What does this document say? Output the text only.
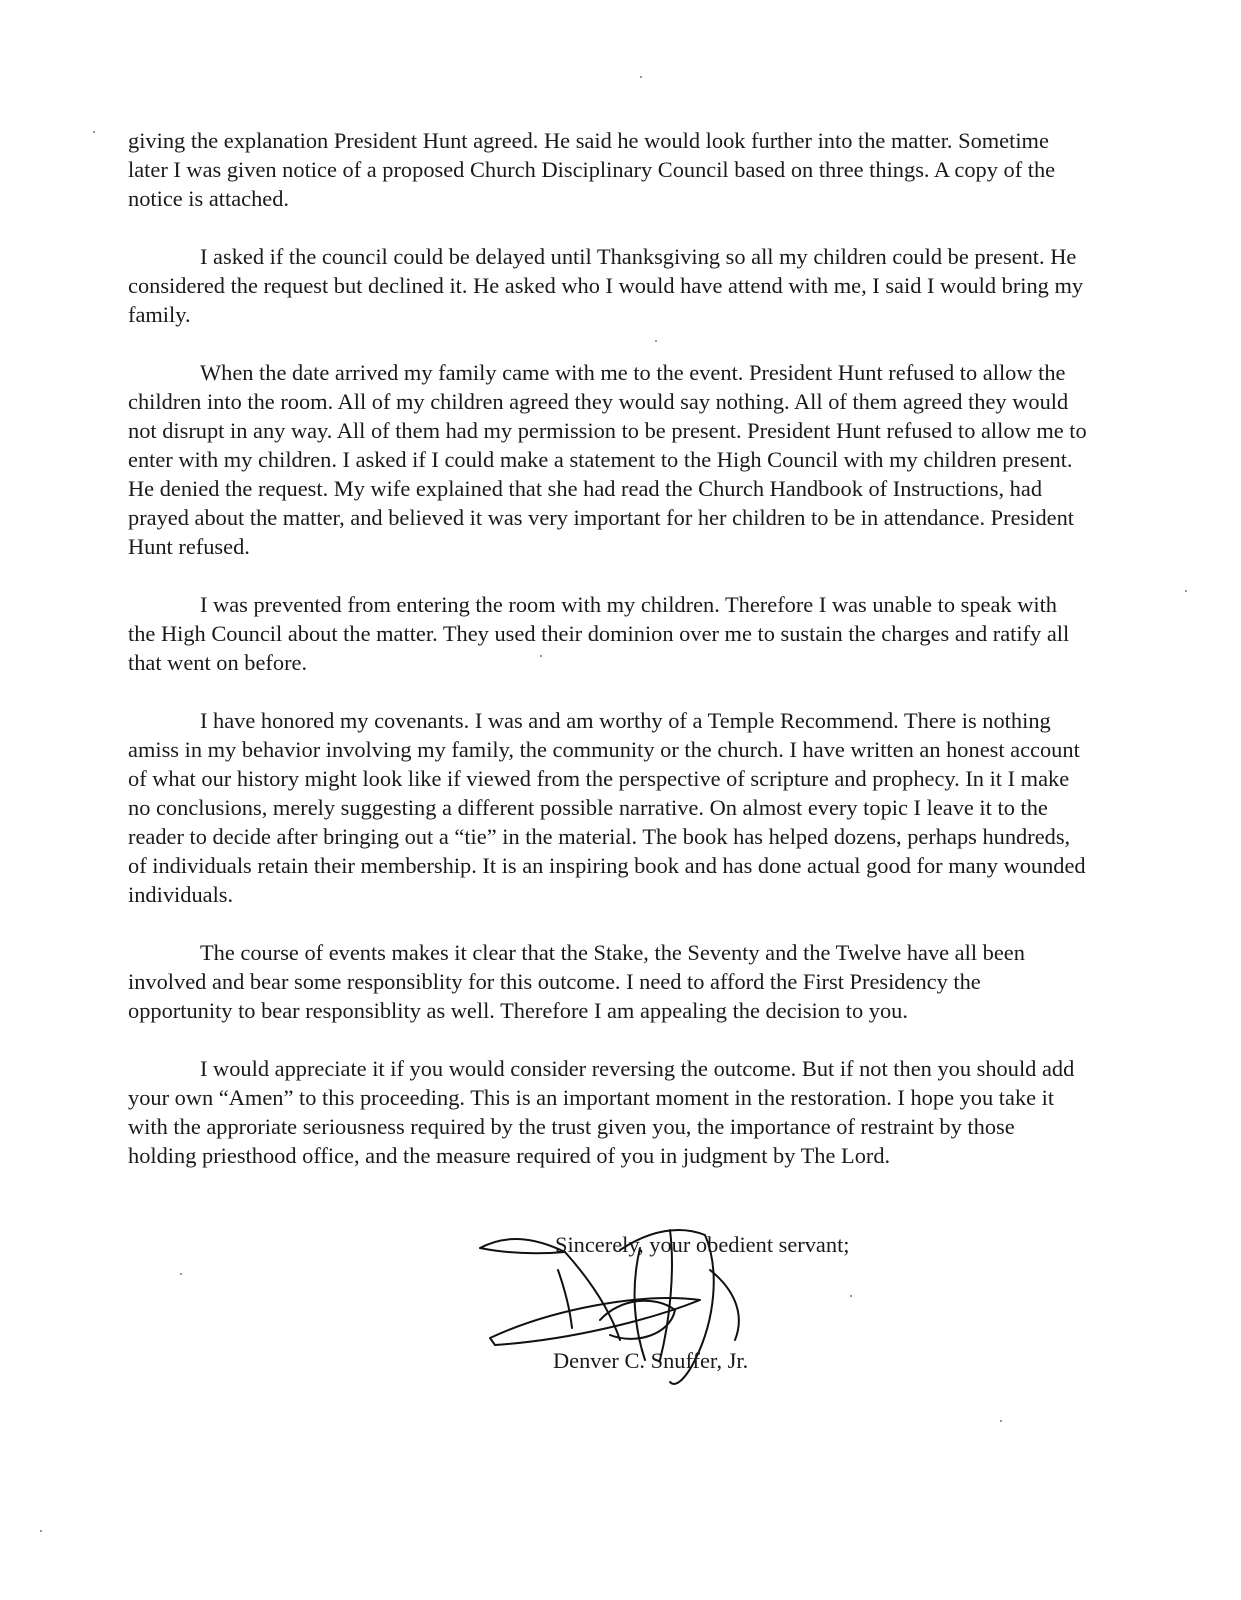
giving the explanation President Hunt agreed. He said he would look further into the matter. Sometime later I was given notice of a proposed Church Disciplinary Council based on three things. A copy of the notice is attached.

I asked if the council could be delayed until Thanksgiving so all my children could be present. He considered the request but declined it. He asked who I would have attend with me, I said I would bring my family.

When the date arrived my family came with me to the event. President Hunt refused to allow the children into the room. All of my children agreed they would say nothing. All of them agreed they would not disrupt in any way. All of them had my permission to be present. President Hunt refused to allow me to enter with my children. I asked if I could make a statement to the High Council with my children present. He denied the request. My wife explained that she had read the Church Handbook of Instructions, had prayed about the matter, and believed it was very important for her children to be in attendance. President Hunt refused.

I was prevented from entering the room with my children. Therefore I was unable to speak with the High Council about the matter. They used their dominion over me to sustain the charges and ratify all that went on before.

I have honored my covenants. I was and am worthy of a Temple Recommend. There is nothing amiss in my behavior involving my family, the community or the church. I have written an honest account of what our history might look like if viewed from the perspective of scripture and prophecy. In it I make no conclusions, merely suggesting a different possible narrative. On almost every topic I leave it to the reader to decide after bringing out a “tie” in the material. The book has helped dozens, perhaps hundreds, of individuals retain their membership. It is an inspiring book and has done actual good for many wounded individuals.

The course of events makes it clear that the Stake, the Seventy and the Twelve have all been involved and bear some responsiblity for this outcome. I need to afford the First Presidency the opportunity to bear responsiblity as well. Therefore I am appealing the decision to you.

I would appreciate it if you would consider reversing the outcome. But if not then you should add your own “Amen” to this proceeding. This is an important moment in the restoration. I hope you take it with the approriate seriousness required by the trust given you, the importance of restraint by those holding priesthood office, and the measure required of you in judgment by The Lord.

Sincerely, your obedient servant;
Denver C. Snuffer, Jr.
